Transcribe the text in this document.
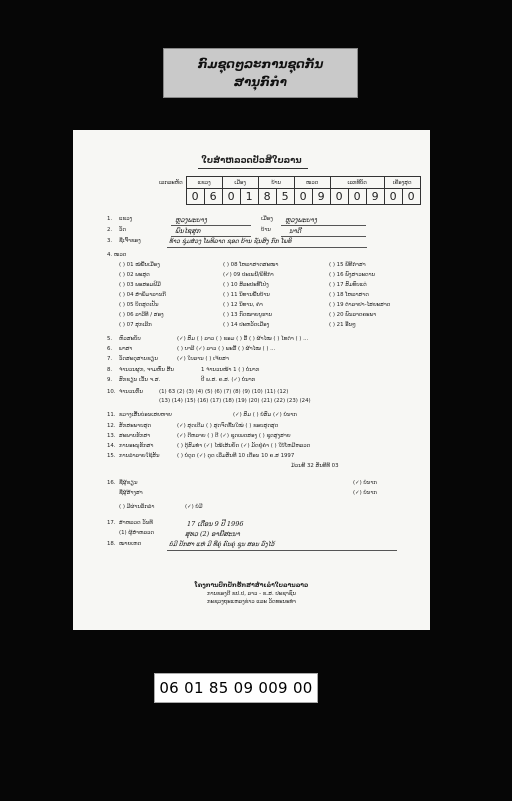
ກົມຊຸດໆລະການຊຸດກັນ
ສານຸກົກຳ
ໃບສຳຫລວດປັວສີໃບລານ
ເລກລະຫັດ	ແຂວງ		ເມືອງ		ບ້ານ		ໜວດ		ເລກທີບັດ			ເຄືອງສຸດ	
	0	6	0	1	8	5	0	9	0	0	9	0	0
1. ແຂວງ	ຫຼວງພະບາງ	ເມືອງ ຫຼວງພະບາງ
2. ວັດ	ພົນໄຊສຸກ	ບ້ານ	ນາດີ
3. ຊື່ເຈົ້າຂອງ	ທ້າວ ຊຸ່ມສ່ວງ ໂພທິລາດ ຊອດ ບ້ານ ຊັນສິງ ກົກ ໂພທິ
4. ໜວດ
( ) 01 ໝໍພື້ນເມືອງ
( ) 02 ພະສູດ
( ) 03 ພອສອມຟີມີ
( ) 04 ສຳພຶມາລານກີ
( ) 05 ບິດສູດເປັນ
( ) 06 ລາວີທີ / ສອງ
( ) 07 ສຸກເລີກ
( ) 08 ໂຫລາສາດສະໜາ
(✓) 09 ປະເພນີ/ພິທີກຳ
( ) 10 ສິລະປະທີ່ໂປ່ງ
( ) 11 ນິທານພື້ນບ້ານ
( ) 12 ນິທານ, ຄໍາ
( ) 13 ກົດໝາຍບູຮານ
( ) 14 ປະຫວັດເມືອງ
( ) 15 ພີທີກຳສາ
( ) 16 ພົງສາວະດານ
( ) 17 ສົມທົບແຕ່
( ) 18 ໂຫລາສາດ
( ) 19 ຕຳລາຢາ-ໄສຍະສາດ
( ) 20 ພົນລາດຄະພາ
( ) 21 ອື່ນໆ
5. ຫົວສະບັບ	(✓) ສົມ ( ) ລາວ ( ) ຂອມ ( ) ລື້ ( ) ຜ້າໄໝ ( ) ໄທດຳ ( ) ...
6. ພາສາ	( ) ບາລີ (✓) ລາວ ( ) ພະລື້ ( ) ຜ້າໄໝ ( ) ...
7. ວັດສະດຸສານຂຽນ	(✓) ໃບລານ ( ) ເຈ້ຍສາ
8. ຈຳນວນຜູກ, ຈາມຫົ່ນ ສີ້ນ	1 ຈຳນວນໜ້າ 1 ( ) ບໍ່ນາກ
9. ສົກຂຽນ ເວັ້ນ ຈ.ສ.	ປີ ພ.ສ. ຄ.ສ. (✓) ບໍ່ນາກ
10. ຈຳນວນກົ້ນ	(1) 63 (2) (3) (4) (5) (6) (7) (8) (9) (10) (11) (12)
(13) (14) (15) (16) (17) (18) (19) (20) (21) (22) (23) (24)
11. ຂວາງເສັ້ນບ່ອນເສຍຫາຍ	(✓) ສົມ ( ) ບໍ່ສົມ (✓) ບໍ່ນາກ
12. ສັກສະພາບສຸດ	(✓) ສຸດເດີມ ( ) ສຸດຈົດຂື້ນໃໝ່ ( ) ຂອບສູດສຸດ
13. ສະພາບຮັກສາ	(✓) ດີຫລາຍ ( ) ດີ (✓) ຊຸດເພດສອງ ( ) ຊຸດສູງສາຍ
14. ການອະນຸຮັກສາ	( ) ຕູ້ສົມທຳ (✓) ໄໝ້ເສ້ນຍັດ (✓) ມັດຢູ່ຄໍາ ( ) ໃບ້ໂຫມີຫລວດ
15. ການລຳລາຍໃຊ້ສັນ	( ) ບໍ່ດູດ (✓) ດູດ ເລີ່ມສັນທີ 10 ເດືອນ 10 ຄ.ສ 1997
ມ້ວນທີ 32 ສັນທີທີ 03
16. ຊື່ຜູ້ຂຽນ	(✓) ບໍ່ນາກ
ຊື່ຜູ້ສ້າງສາ	(✓) ບໍ່ນາກ
( ) ມີຜ່ານລຶກລຳ	(✓) ບໍ່ມີ
17. ສຳຫລວດ ວັນທີ	17 ເດືອນ 9 ປີ 1996
(1) ຜູ້ສຳຫລວດ	ສຸທວ (2) ອາຍີສະນາ
18. ໝາຍເຫດ	ບໍ່ມີ ປ້ກສາ ແຫ່ ມີ ທີ່ຄູ່ ຄົນຄູ່ ຊູນ ສອນ ລົງໄວ້
ໂຄງການປົກປັກຮັກສາສຳເລຳໃບລານລາວ
ການຂອງດີ ຂປ.ປ, ລາວ - ຂ.ສ. ປະຊາຊົນ
ກະຊວງຖະແຫລງຂ່າວ ແລະ ວັດທະນະທຳ
06 01 85 09 009 00
